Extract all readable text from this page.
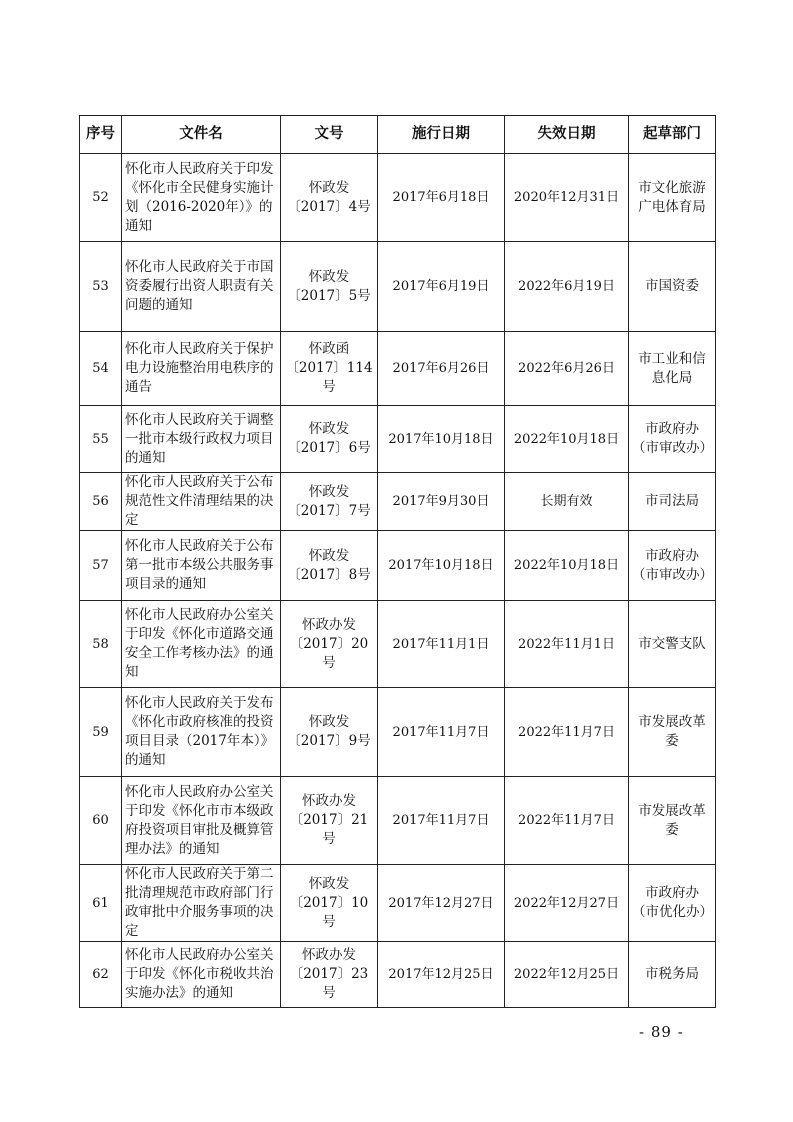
序号	文件名	文号	施行日期	失效日期	起草部门
52	怀化市人民政府关于印发《怀化市全民健身实施计划（2016-2020年）》的通知	怀政发〔2017〕4号	2017年6月18日	2020年12月31日	市文化旅游广电体育局
53	怀化市人民政府关于市国资委履行出资人职责有关问题的通知	怀政发〔2017〕5号	2017年6月19日	2022年6月19日	市国资委
54	怀化市人民政府关于保护电力设施整治用电秩序的通告	怀政函〔2017〕114号	2017年6月26日	2022年6月26日	市工业和信息化局
55	怀化市人民政府关于调整一批市本级行政权力项目的通知	怀政发〔2017〕6号	2017年10月18日	2022年10月18日	市政府办（市审改办）
56	怀化市人民政府关于公布规范性文件清理结果的决定	怀政发〔2017〕7号	2017年9月30日	长期有效	市司法局
57	怀化市人民政府关于公布第一批市本级公共服务事项目录的通知	怀政发〔2017〕8号	2017年10月18日	2022年10月18日	市政府办（市审改办）
58	怀化市人民政府办公室关于印发《怀化市道路交通安全工作考核办法》的通知	怀政办发〔2017〕20号	2017年11月1日	2022年11月1日	市交警支队
59	怀化市人民政府关于发布《怀化市政府核准的投资项目目录（2017年本）》的通知	怀政发〔2017〕9号	2017年11月7日	2022年11月7日	市发展改革委
60	怀化市人民政府办公室关于印发《怀化市市本级政府投资项目审批及概算管理办法》的通知	怀政办发〔2017〕21号	2017年11月7日	2022年11月7日	市发展改革委
61	怀化市人民政府关于第二批清理规范市政府部门行政审批中介服务事项的决定	怀政发〔2017〕10号	2017年12月27日	2022年12月27日	市政府办（市优化办）
62	怀化市人民政府办公室关于印发《怀化市税收共治实施办法》的通知	怀政办发〔2017〕23号	2017年12月25日	2022年12月25日	市税务局
- 89 -
